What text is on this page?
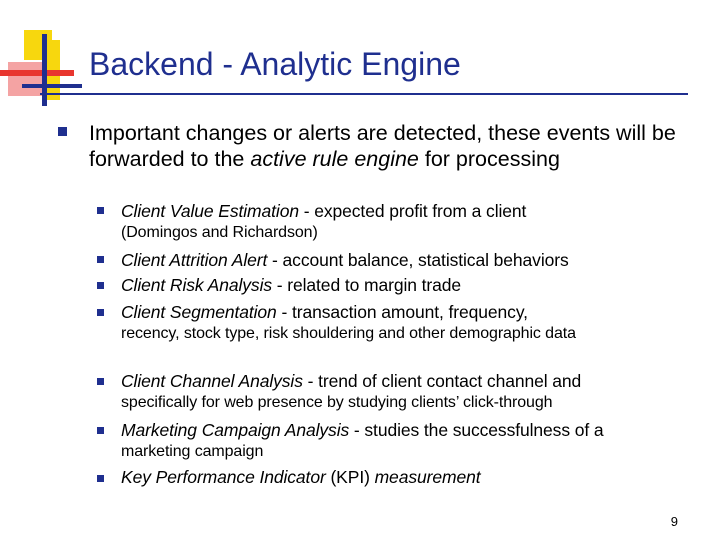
Backend - Analytic Engine
Important changes or alerts are detected, these events will be forwarded to the active rule engine for processing
Client Value Estimation - expected profit from a client
(Domingos and Richardson)
Client Attrition Alert - account balance, statistical behaviors
Client Risk Analysis - related to margin trade
Client Segmentation - transaction amount, frequency,
recency, stock type, risk shouldering and other demographic data
Client Channel Analysis - trend of client contact channel and
specifically for web presence by studying clients’ click-through
Marketing Campaign Analysis - studies the successfulness of a
marketing campaign
Key Performance Indicator (KPI) measurement
9
